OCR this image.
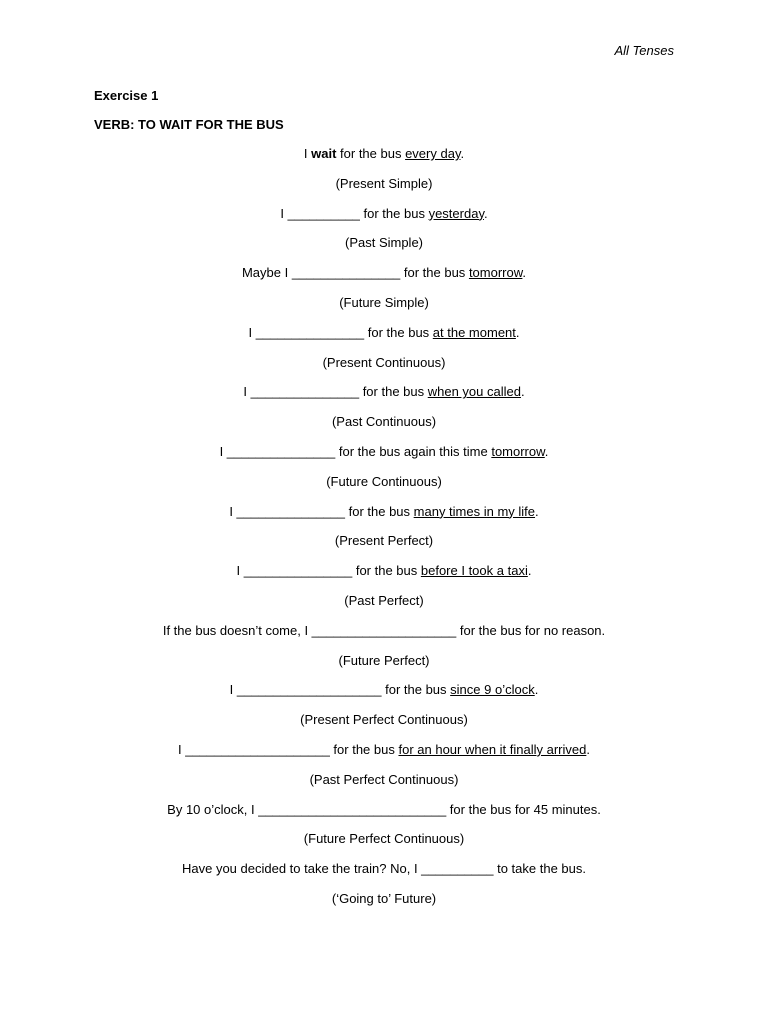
All Tenses
Exercise 1
VERB: TO WAIT FOR THE BUS
I wait for the bus every day.
(Present Simple)
I __________ for the bus yesterday.
(Past Simple)
Maybe I _______________ for the bus tomorrow.
(Future Simple)
I _______________ for the bus at the moment.
(Present Continuous)
I _______________ for the bus when you called.
(Past Continuous)
I _______________ for the bus again this time tomorrow.
(Future Continuous)
I _______________ for the bus many times in my life.
(Present Perfect)
I _______________ for the bus before I took a taxi.
(Past Perfect)
If the bus doesn’t come, I ____________________ for the bus for no reason.
(Future Perfect)
I ____________________ for the bus since 9 o’clock.
(Present Perfect Continuous)
I ____________________ for the bus for an hour when it finally arrived.
(Past Perfect Continuous)
By 10 o’clock, I __________________________ for the bus for 45 minutes.
(Future Perfect Continuous)
Have you decided to take the train? No, I __________ to take the bus.
(‘Going to’ Future)
